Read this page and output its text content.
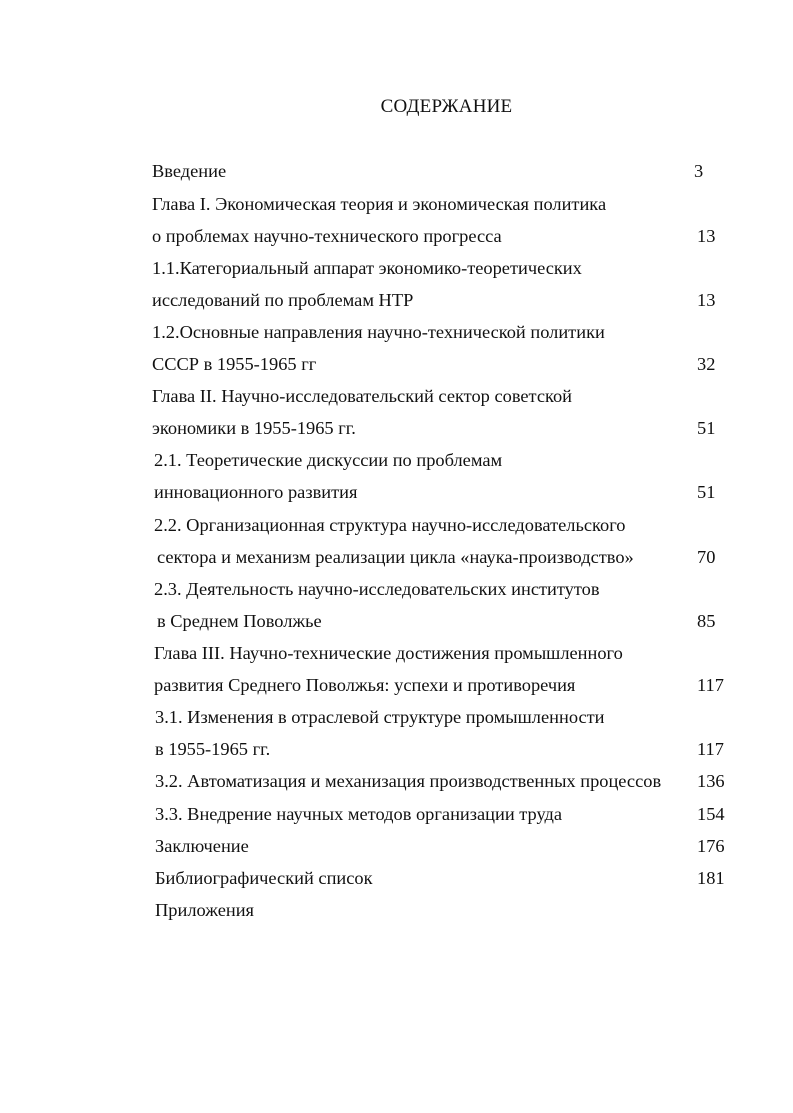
СОДЕРЖАНИЕ
Введение	3
Глава I. Экономическая теория и экономическая политика
о проблемах научно-технического прогресса	13
1.1.Категориальный аппарат экономико-теоретических
исследований по проблемам НТР	13
1.2.Основные направления научно-технической политики
СССР в 1955-1965 гг	32
Глава II. Научно-исследовательский сектор советской
экономики в 1955-1965 гг.	51
2.1. Теоретические дискуссии по проблемам
инновационного развития	51
2.2. Организационная структура научно-исследовательского
сектора и механизм реализации цикла «наука-производство»	70
2.3. Деятельность научно-исследовательских институтов
в Среднем Поволжье	85
Глава III. Научно-технические достижения промышленного
развития Среднего Поволжья: успехи и противоречия	117
3.1. Изменения в отраслевой структуре промышленности
в 1955-1965 гг.	117
3.2. Автоматизация и механизация производственных процессов 136
3.3. Внедрение научных методов организации труда	154
Заключение	176
Библиографический список	181
Приложения
